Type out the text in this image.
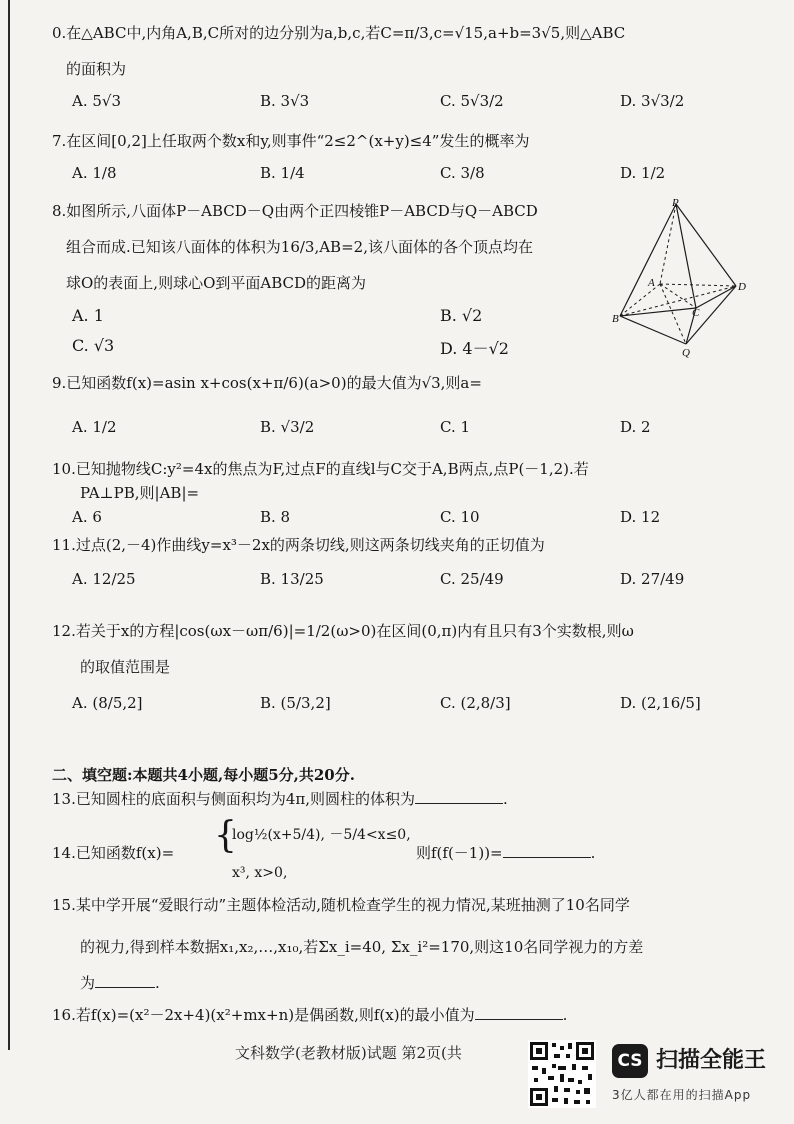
0.在△ABC中,内角A,B,C所对的边分别为a,b,c,若C=π/3,c=√15,a+b=3√5,则△ABC
的面积为
A. 5√3	B. 3√3	C. 5√3/2	D. 3√3/2
7.在区间[0,2]上任取两个数x和y,则事件“2≤2^(x+y)≤4”发生的概率为
A. 1/8	B. 1/4	C. 3/8	D. 1/2
8.如图所示,八面体P－ABCD－Q由两个正四棱锥P－ABCD与Q－ABCD
组合而成.已知该八面体的体积为16/3,AB=2,该八面体的各个顶点均在
球O的表面上,则球心O到平面ABCD的距离为
A. 1	B. √2
C. √3	D. 4－√2
P
A	D
B	C
Q
9.已知函数f(x)=asin x+cos(x+π/6)(a>0)的最大值为√3,则a=
A. 1/2	B. √3/2	C. 1	D. 2
10.已知抛物线C:y²=4x的焦点为F,过点F的直线l与C交于A,B两点,点P(－1,2).若
PA⊥PB,则|AB|=
A. 6	B. 8	C. 10	D. 12
11.过点(2,－4)作曲线y=x³－2x的两条切线,则这两条切线夹角的正切值为
A. 12/25	B. 13/25	C. 25/49	D. 27/49
12.若关于x的方程|cos(ωx－ωπ/6)|=1/2(ω>0)在区间(0,π)内有且只有3个实数根,则ω
的取值范围是
A. (8/5,2]	B. (5/3,2]	C. (2,8/3]	D. (2,16/5]
二、填空题:本题共4小题,每小题5分,共20分.
13.已知圆柱的底面积与侧面积均为4π,则圆柱的体积为	.
14.已知函数f(x)= {
log½(x+5/4), －5/4<x≤0,
x³, x>0,
则f(f(－1))=	.
15.某中学开展“爱眼行动”主题体检活动,随机检查学生的视力情况,某班抽测了10名同学
的视力,得到样本数据x₁,x₂,…,x₁₀,若Σx_i=40, Σx_i²=170,则这10名同学视力的方差
为	.
16.若f(x)=(x²－2x+4)(x²+mx+n)是偶函数,则f(x)的最小值为	.
文科数学(老教材版)试题 第2页(共	CS 扫描全能王
3亿人都在用的扫描App
